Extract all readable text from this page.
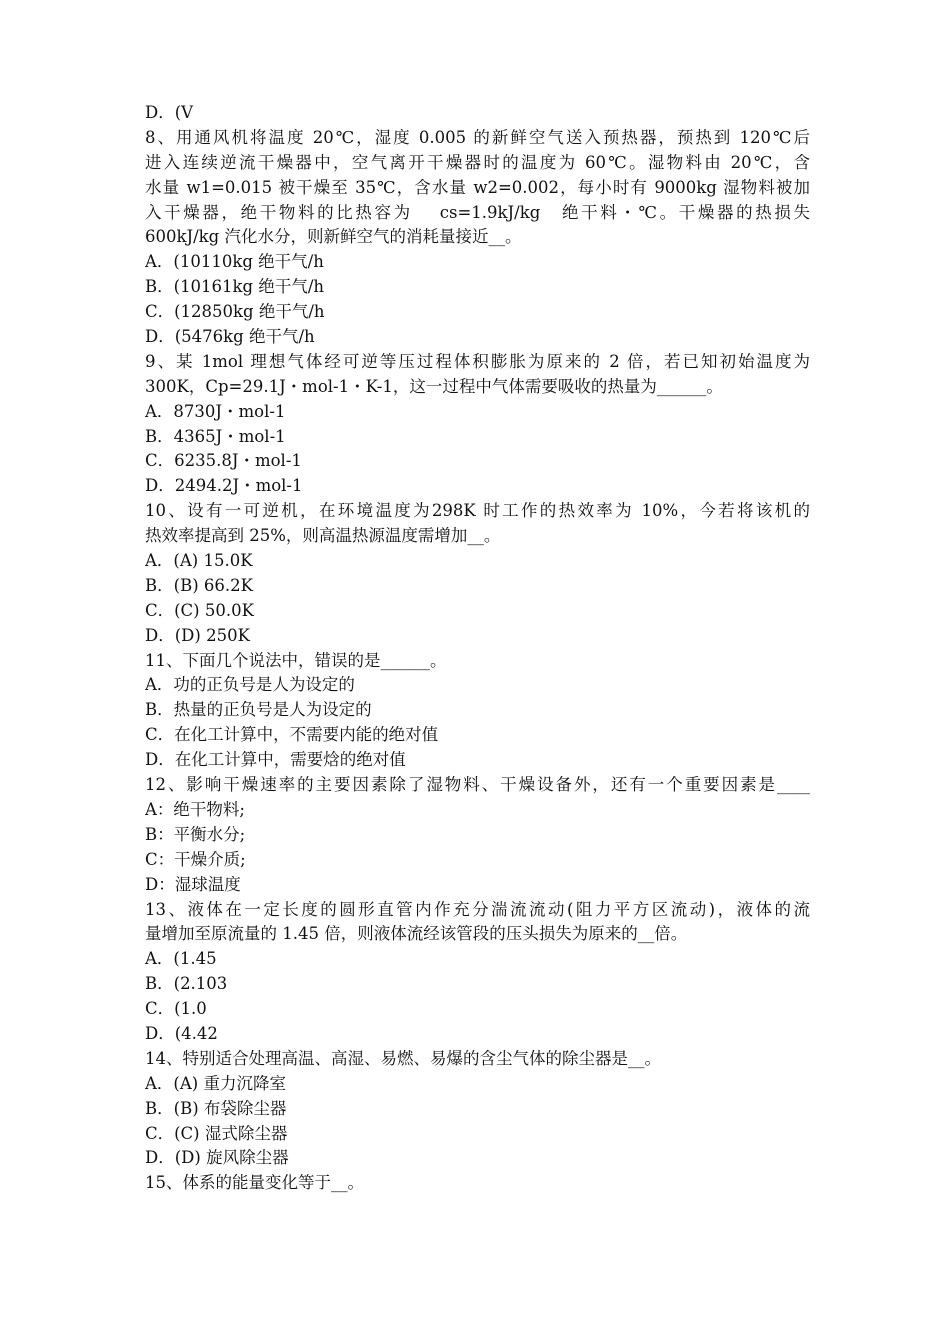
D．(V
8、用通风机将温度 20℃，湿度 0.005 的新鲜空气送入预热器，预热到 120℃后
进入连续逆流干燥器中，空气离开干燥器时的温度为 60℃。湿物料由 20℃，含
水量 w1=0.015 被干燥至 35℃，含水量 w2=0.002，每小时有 9000kg 湿物料被加
入干燥器，绝干物料的比热容为　 cs=1.9kJ/kg　绝干料・℃。干燥器的热损失
600kJ/kg 汽化水分，则新鲜空气的消耗量接近__。
A．(10110kg 绝干气/h
B．(10161kg 绝干气/h
C．(12850kg 绝干气/h
D．(5476kg 绝干气/h
9、某 1mol 理想气体经可逆等压过程体积膨胀为原来的 2 倍，若已知初始温度为
300K，Cp=29.1J・mol-1・K-1，这一过程中气体需要吸收的热量为______。
A．8730J・mol-1
B．4365J・mol-1
C．6235.8J・mol-1
D．2494.2J・mol-1
10、设有一可逆机，在环境温度为298K 时工作的热效率为 10%，今若将该机的
热效率提高到 25%，则高温热源温度需增加__。
A．(A) 15.0K
B．(B) 66.2K
C．(C) 50.0K
D．(D) 250K
11、下面几个说法中，错误的是______。
A．功的正负号是人为设定的
B．热量的正负号是人为设定的
C．在化工计算中，不需要内能的绝对值
D．在化工计算中，需要焓的绝对值
12、影响干燥速率的主要因素除了湿物料、干燥设备外，还有一个重要因素是____
A：绝干物料;
B：平衡水分;
C：干燥介质;
D：湿球温度
13、液体在一定长度的圆形直管内作充分湍流流动(阻力平方区流动)，液体的流
量增加至原流量的 1.45 倍，则液体流经该管段的压头损失为原来的__倍。
A．(1.45
B．(2.103
C．(1.0
D．(4.42
14、特别适合处理高温、高湿、易燃、易爆的含尘气体的除尘器是__。
A．(A) 重力沉降室
B．(B) 布袋除尘器
C．(C) 湿式除尘器
D．(D) 旋风除尘器
15、体系的能量变化等于__。
